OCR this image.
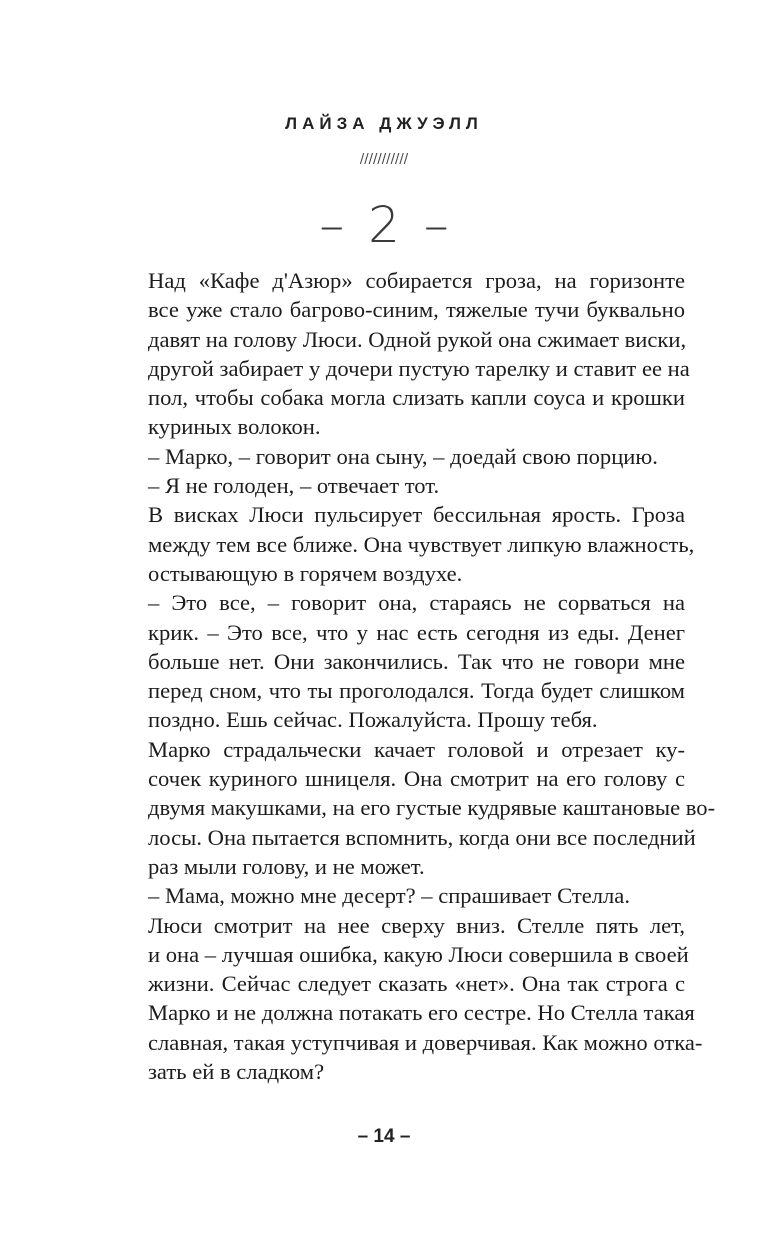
ЛАЙЗА ДЖУЭЛЛ
///////////
– 2 –

Над «Кафе д'Азюр» собирается гроза, на горизонте
все уже стало багрово-синим, тяжелые тучи буквально
давят на голову Люси. Одной рукой она сжимает виски,
другой забирает у дочери пустую тарелку и ставит ее на
пол, чтобы собака могла слизать капли соуса и крошки
куриных волокон.

– Марко, – говорит она сыну, – доедай свою порцию.

– Я не голоден, – отвечает тот.

В висках Люси пульсирует бессильная ярость. Гроза
между тем все ближе. Она чувствует липкую влажность,
остывающую в горячем воздухе.

– Это все, – говорит она, стараясь не сорваться на
крик. – Это все, что у нас есть сегодня из еды. Денег
больше нет. Они закончились. Так что не говори мне
перед сном, что ты проголодался. Тогда будет слишком
поздно. Ешь сейчас. Пожалуйста. Прошу тебя.

Марко страдальчески качает головой и отрезает ку-
сочек куриного шницеля. Она смотрит на его голову с
двумя макушками, на его густые кудрявые каштановые во-
лосы. Она пытается вспомнить, когда они все последний
раз мыли голову, и не может.

– Мама, можно мне десерт? – спрашивает Стелла.

Люси смотрит на нее сверху вниз. Стелле пять лет,
и она – лучшая ошибка, какую Люси совершила в своей
жизни. Сейчас следует сказать «нет». Она так строга с
Марко и не должна потакать его сестре. Но Стелла такая
славная, такая уступчивая и доверчивая. Как можно отка-
зать ей в сладком?

– 14 –
